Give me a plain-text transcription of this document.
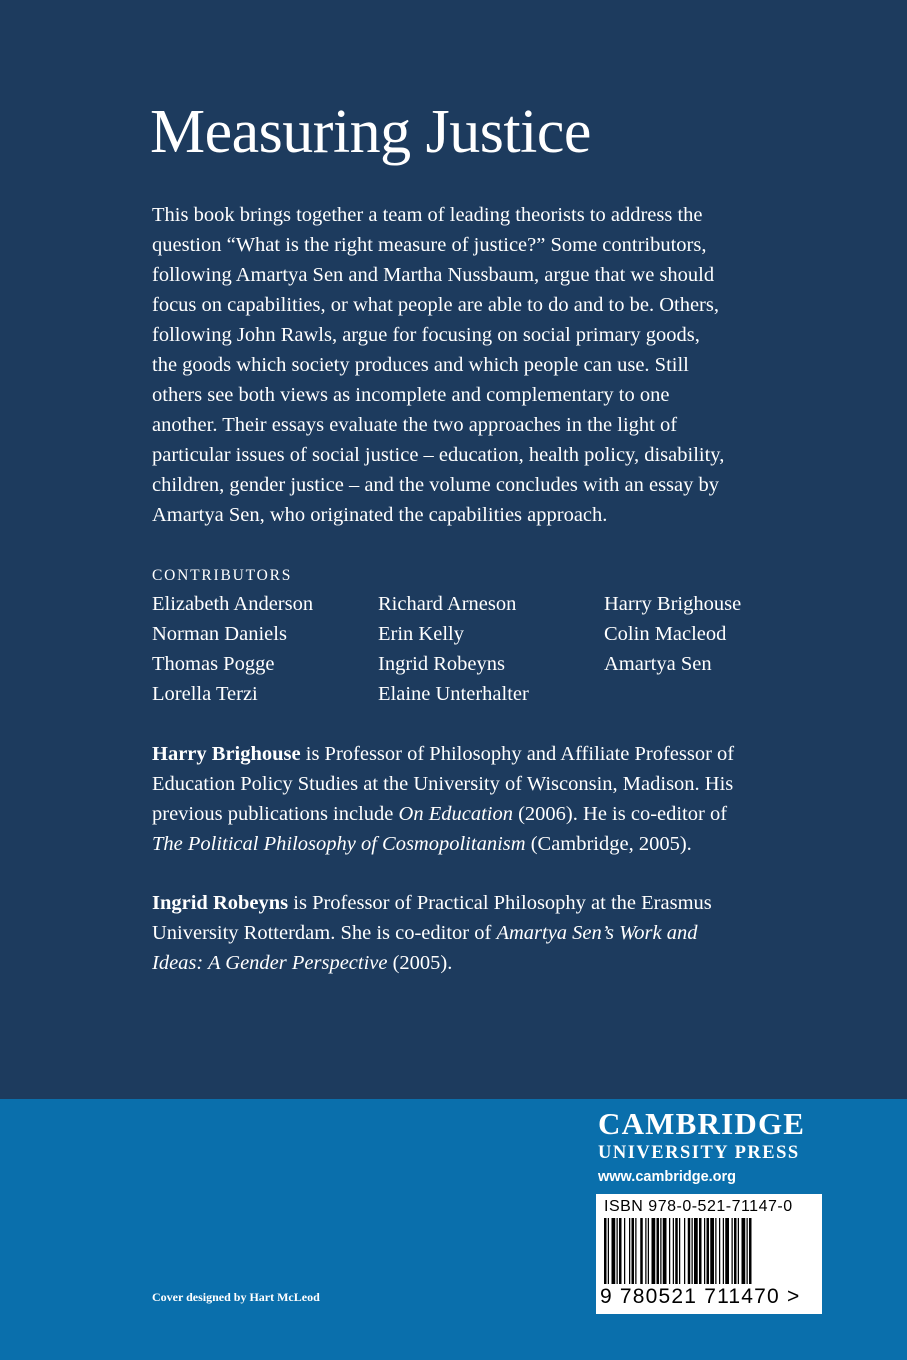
Measuring Justice
This book brings together a team of leading theorists to address the
question “What is the right measure of justice?” Some contributors,
following Amartya Sen and Martha Nussbaum, argue that we should
focus on capabilities, or what people are able to do and to be. Others,
following John Rawls, argue for focusing on social primary goods,
the goods which society produces and which people can use. Still
others see both views as incomplete and complementary to one
another. Their essays evaluate the two approaches in the light of
particular issues of social justice – education, health policy, disability,
children, gender justice – and the volume concludes with an essay by
Amartya Sen, who originated the capabilities approach.
CONTRIBUTORS
Elizabeth Anderson
Norman Daniels
Thomas Pogge
Lorella Terzi
Richard Arneson
Erin Kelly
Ingrid Robeyns
Elaine Unterhalter
Harry Brighouse
Colin Macleod
Amartya Sen
Harry Brighouse is Professor of Philosophy and Affiliate Professor of
Education Policy Studies at the University of Wisconsin, Madison. His
previous publications include On Education (2006). He is co-editor of
The Political Philosophy of Cosmopolitanism (Cambridge, 2005).
Ingrid Robeyns is Professor of Practical Philosophy at the Erasmus
University Rotterdam. She is co-editor of Amartya Sen’s Work and
Ideas: A Gender Perspective (2005).
CAMBRIDGE
UNIVERSITY PRESS
www.cambridge.org
ISBN 978-0-521-71147-0
9 780521 711470 >
Cover designed by Hart McLeod
